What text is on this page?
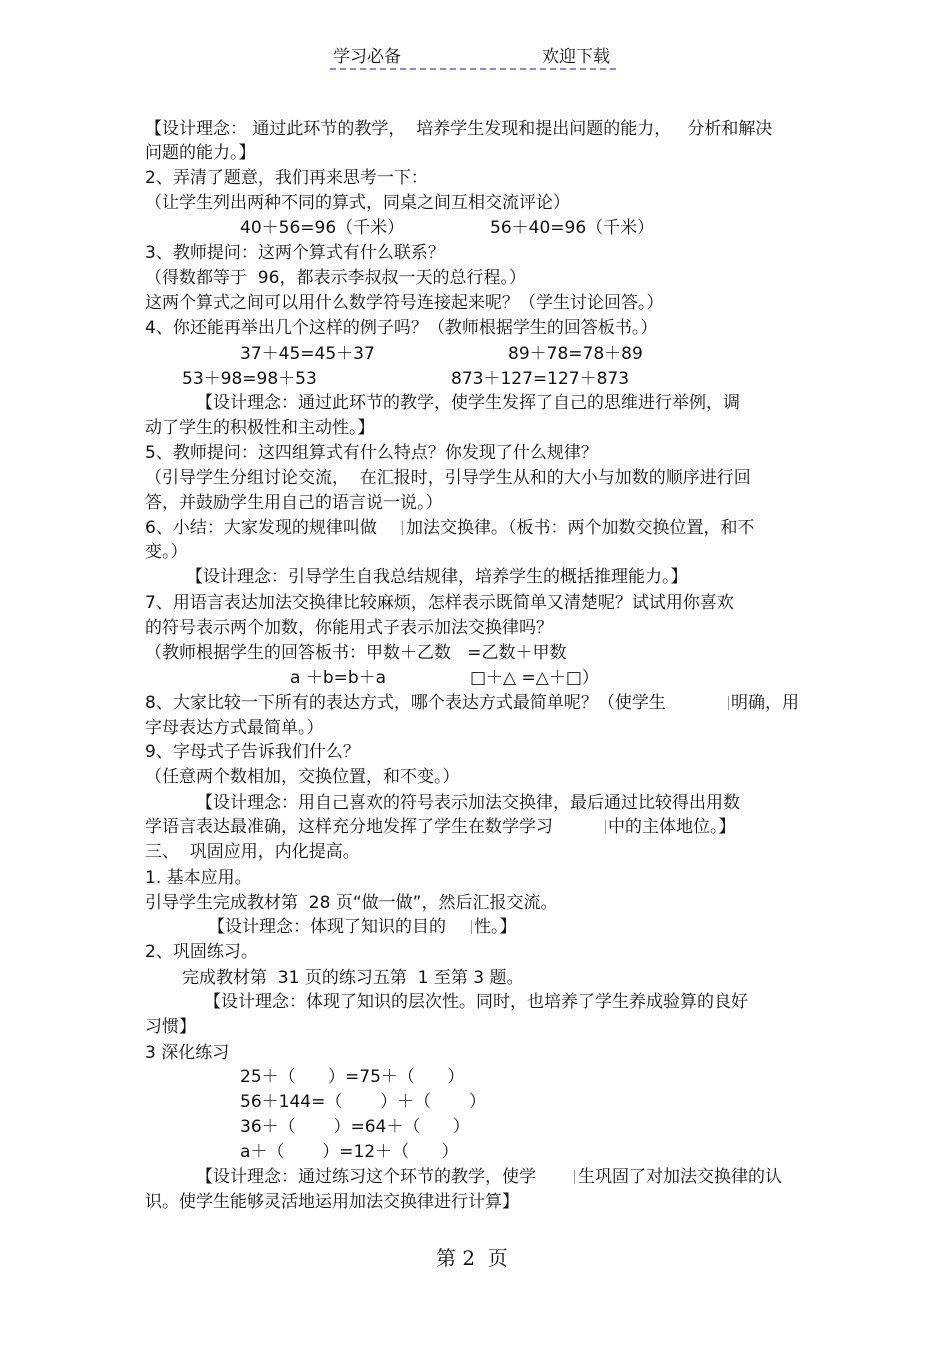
学习必备	欢迎下载
【设计理念： 通过此环节的教学，  培养学生发现和提出问题的能力，   分析和解决
问题的能力。】
2、弄清了题意，我们再来思考一下：
（让学生列出两种不同的算式，同桌之间互相交流评论）
40＋56=96（千米）	56＋40=96（千米）
3、教师提问：这两个算式有什么联系？
（得数都等于  96，都表示李叔叔一天的总行程。）
这两个算式之间可以用什么数学符号连接起来呢？（学生讨论回答。）
4、你还能再举出几个这样的例子吗？（教师根据学生的回答板书。）
37＋45=45＋37	89＋78=78＋89
53＋98=98＋53	873＋127=127＋873
【设计理念：通过此环节的教学，使学生发挥了自己的思维进行举例，调
动了学生的积极性和主动性。】
5、教师提问：这四组算式有什么特点？你发现了什么规律？
（引导学生分组讨论交流，  在汇报时，引导学生从和的大小与加数的顺序进行回
答，并鼓励学生用自己的语言说一说。）
6、小结：大家发现的规律叫做 加法交换律。（板书：两个加数交换位置，和不
变。）
【设计理念：引导学生自我总结规律，培养学生的概括推理能力。】
7、用语言表达加法交换律比较麻烦，怎样表示既简单又清楚呢？试试用你喜欢
的符号表示两个加数，你能用式子表示加法交换律吗？
（教师根据学生的回答板书：甲数＋乙数   =乙数＋甲数
a ＋b=b＋a	□＋△ =△＋□）
8、大家比较一下所有的表达方式，哪个表达方式最简单呢？（使学生	明确，用
字母表达方式最简单。）
9、字母式子告诉我们什么？
（任意两个数相加，交换位置，和不变。）
【设计理念：用自己喜欢的符号表示加法交换律，最后通过比较得出用数
学语言表达最准确，这样充分地发挥了学生在数学学习	中的主体地位。】
三、  巩固应用，内化提高。
1. 基本应用。
引导学生完成教材第  28 页“做一做”，然后汇报交流。
【设计理念：体现了知识的目的 性。】
2、巩固练习。
完成教材第  31 页的练习五第  1 至第 3 题。
【设计理念：体现了知识的层次性。同时，也培养了学生养成验算的良好
习惯】
3 深化练习
25＋（      ）=75＋（      ）
56＋144=（       ）＋（       ）
36＋（       ）=64＋（      ）
a＋（       ）=12＋（      ）
【设计理念：通过练习这个环节的教学，使学 生巩固了对加法交换律的认
识。使学生能够灵活地运用加法交换律进行计算】
第 2  页
